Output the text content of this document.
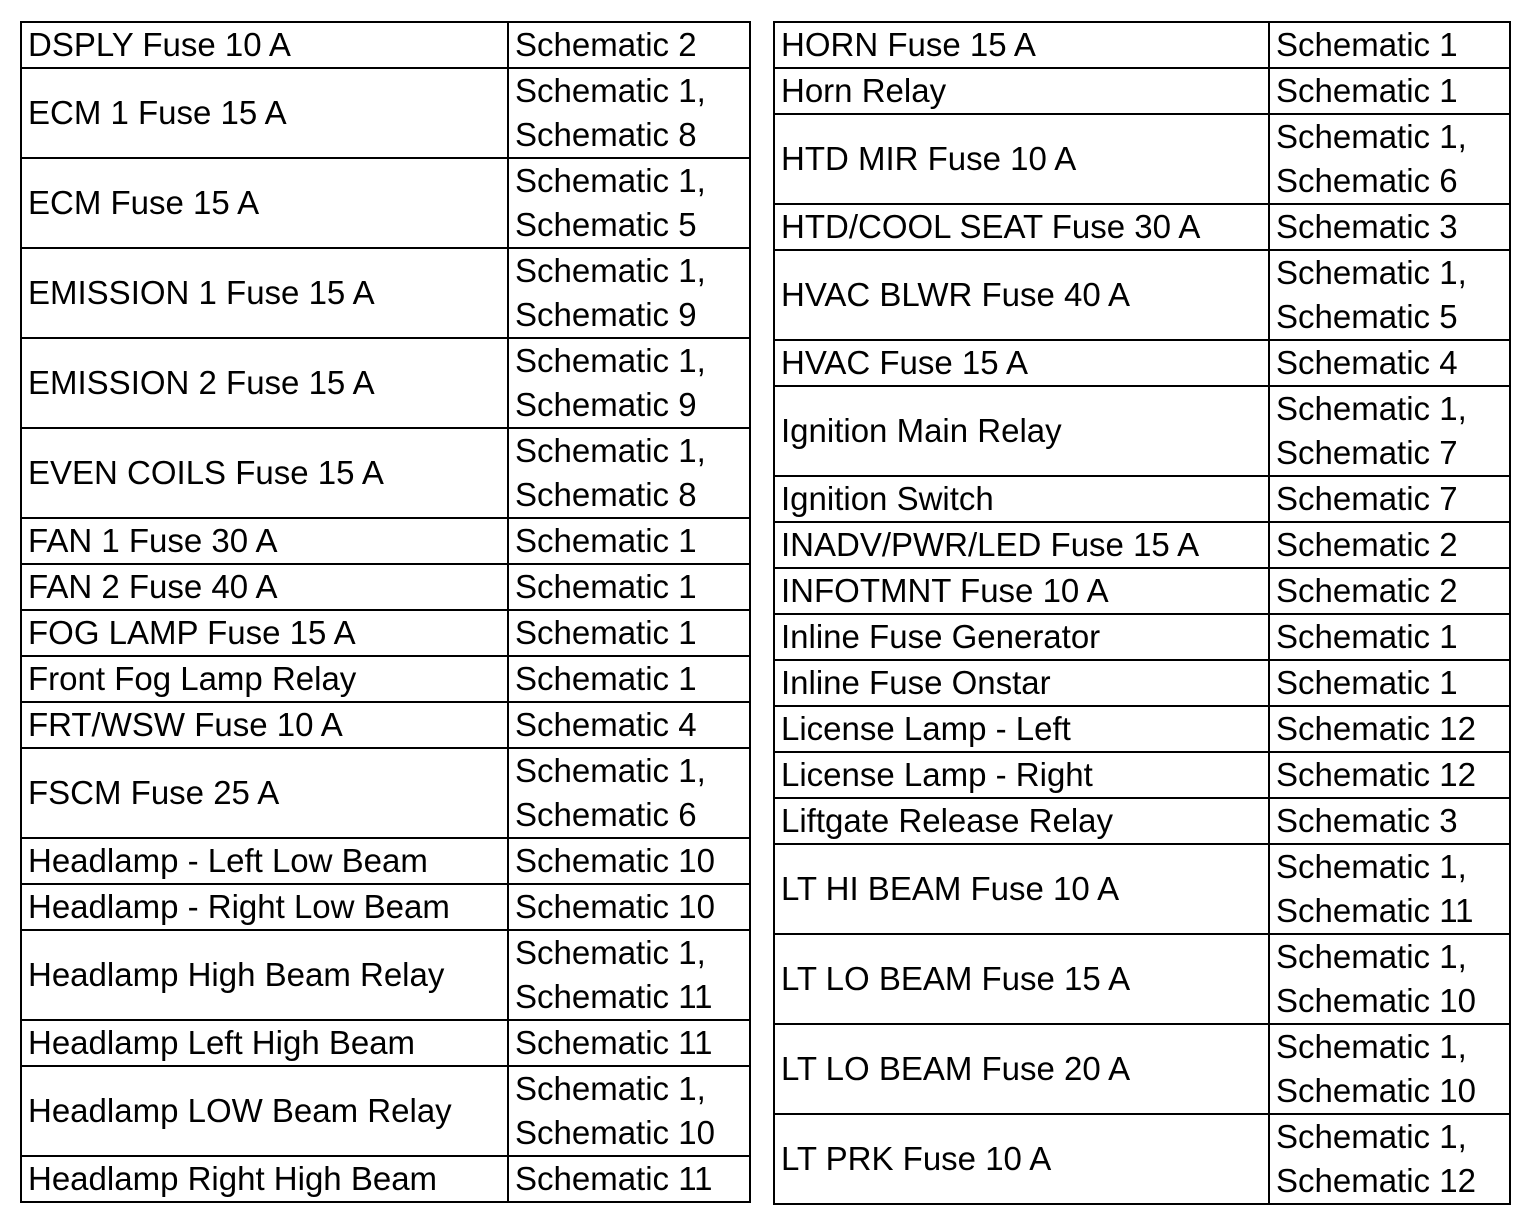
DSPLY Fuse 10 A	Schematic 2

ECM 1 Fuse 15 A	Schematic 1,
Schematic 8

ECM Fuse 15 A	Schematic 1,
Schematic 5

EMISSION 1 Fuse 15 A	Schematic 1,
Schematic 9

EMISSION 2 Fuse 15 A	Schematic 1,
Schematic 9

EVEN COILS Fuse 15 A	Schematic 1,
Schematic 8

FAN 1 Fuse 30 A	Schematic 1

FAN 2 Fuse 40 A	Schematic 1

FOG LAMP Fuse 15 A	Schematic 1

Front Fog Lamp Relay	Schematic 1

FRT/WSW Fuse 10 A	Schematic 4

FSCM Fuse 25 A	Schematic 1,
Schematic 6

Headlamp - Left Low Beam	Schematic 10

Headlamp - Right Low Beam	Schematic 10

Headlamp High Beam Relay	Schematic 1,
Schematic 11

Headlamp Left High Beam	Schematic 11

Headlamp LOW Beam Relay	Schematic 1,
Schematic 10

Headlamp Right High Beam	Schematic 11
HORN Fuse 15 A	Schematic 1

Horn Relay	Schematic 1

HTD MIR Fuse 10 A	Schematic 1,
Schematic 6

HTD/COOL SEAT Fuse 30 A	Schematic 3

HVAC BLWR Fuse 40 A	Schematic 1,
Schematic 5

HVAC Fuse 15 A	Schematic 4

Ignition Main Relay	Schematic 1,
Schematic 7

Ignition Switch	Schematic 7

INADV/PWR/LED Fuse 15 A	Schematic 2

INFOTMNT Fuse 10 A	Schematic 2

Inline Fuse Generator	Schematic 1

Inline Fuse Onstar	Schematic 1

License Lamp - Left	Schematic 12

License Lamp - Right	Schematic 12

Liftgate Release Relay	Schematic 3

LT HI BEAM Fuse 10 A	Schematic 1,
Schematic 11

LT LO BEAM Fuse 15 A	Schematic 1,
Schematic 10

LT LO BEAM Fuse 20 A	Schematic 1,
Schematic 10

LT PRK Fuse 10 A	Schematic 1,
Schematic 12
